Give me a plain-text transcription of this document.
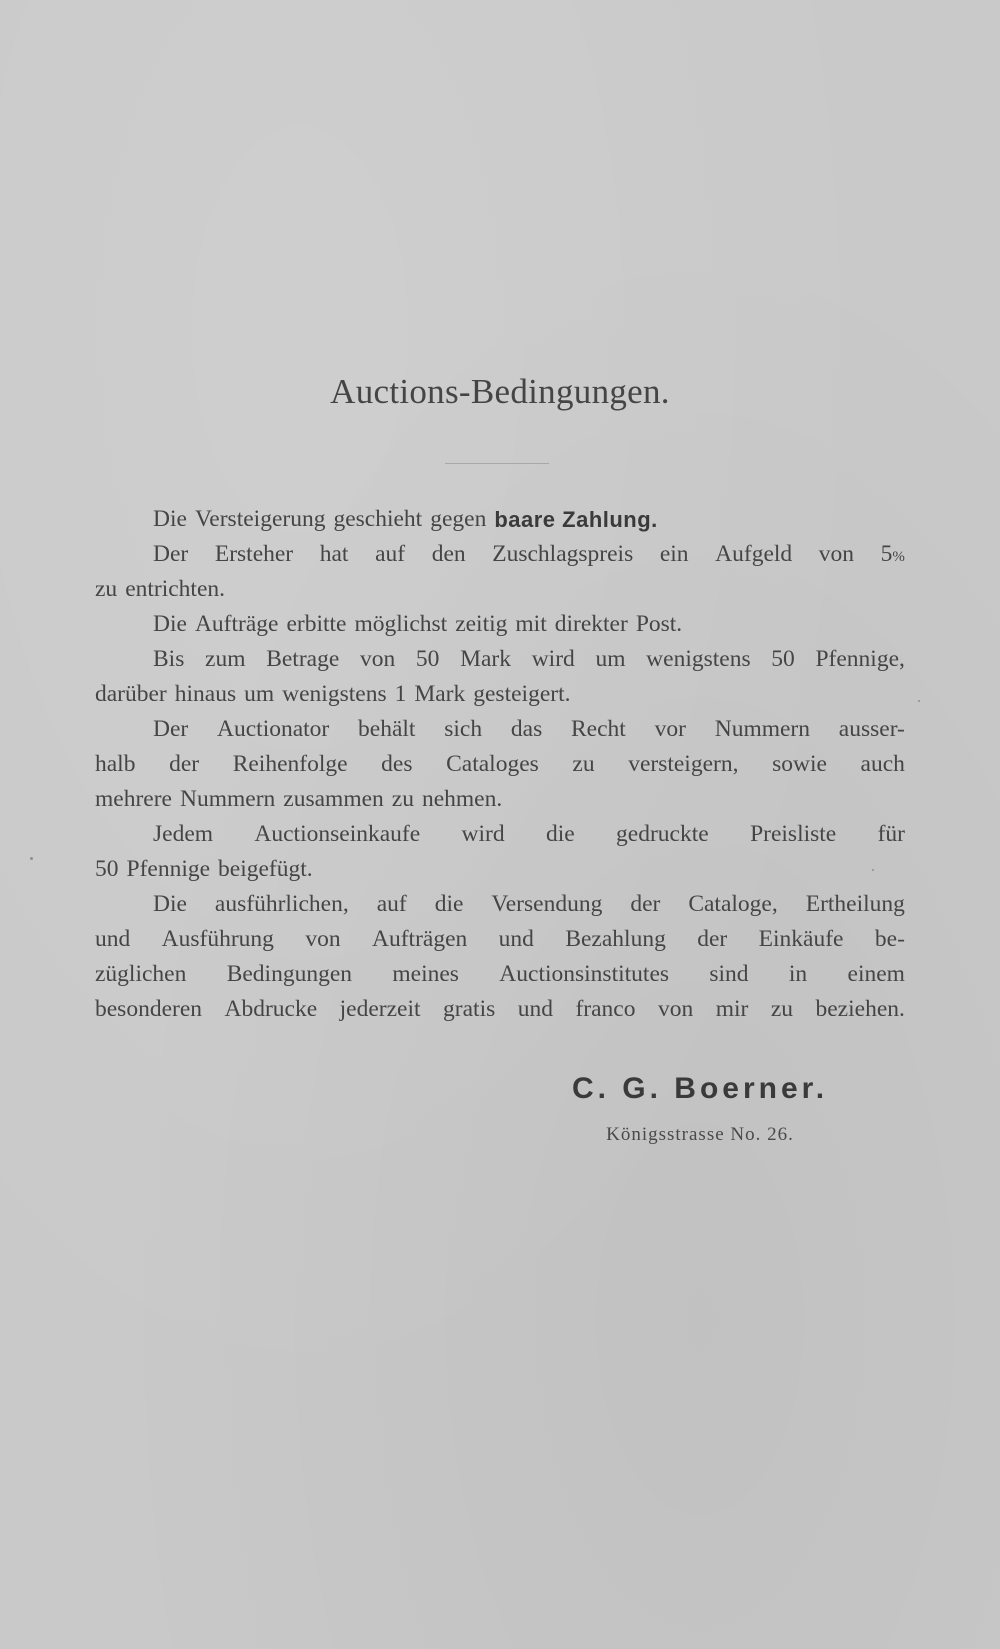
Auctions-Bedingungen.
Die Versteigerung geschieht gegen baare Zahlung.
Der Ersteher hat auf den Zuschlagspreis ein Aufgeld von 5%
zu entrichten.
Die Aufträge erbitte möglichst zeitig mit direkter Post.
Bis zum Betrage von 50 Mark wird um wenigstens 50 Pfennige,
darüber hinaus um wenigstens 1 Mark gesteigert.
Der Auctionator behält sich das Recht vor Nummern ausser-
halb der Reihenfolge des Cataloges zu versteigern, sowie auch
mehrere Nummern zusammen zu nehmen.
Jedem Auctionseinkaufe wird die gedruckte Preisliste für
50 Pfennige beigefügt.
Die ausführlichen, auf die Versendung der Cataloge, Ertheilung
und Ausführung von Aufträgen und Bezahlung der Einkäufe be-
züglichen Bedingungen meines Auctionsinstitutes sind in einem
besonderen Abdrucke jederzeit gratis und franco von mir zu beziehen.
C. G. Boerner.
Königsstrasse No. 26.
